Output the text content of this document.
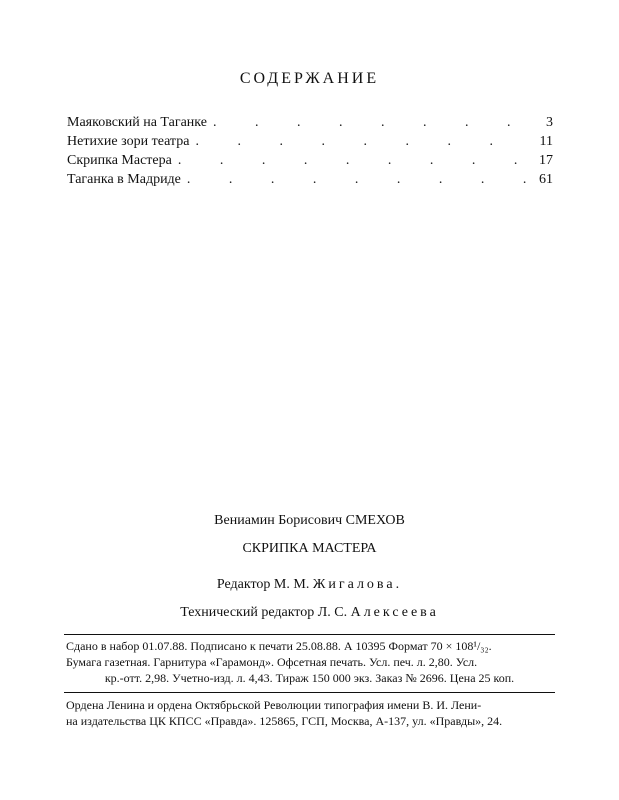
СОДЕРЖАНИЕ
Маяковский на Таганке .	3
Нетихие зори театра .	11
Скрипка Мастера .	17
Таганка в Мадриде .	61
Вениамин Борисович СМЕХОВ
СКРИПКА МАСТЕРА
Редактор М. М. Жигалова.
Технический редактор Л. С. Алексеева
Сдано в набор 01.07.88. Подписано к печати 25.08.88. А 10395 Формат 70 × 108¹/₃₂.
Бумага газетная. Гарнитура «Гарамонд». Офсетная печать. Усл. печ. л. 2,80. Усл.
кр.-отт. 2,98. Учетно-изд. л. 4,43. Тираж 150 000 экз. Заказ № 2696. Цена 25 коп.
Ордена Ленина и ордена Октябрьской Революции типография имени В. И. Лени-
на издательства ЦК КПСС «Правда». 125865, ГСП, Москва, А-137, ул. «Правды», 24.
